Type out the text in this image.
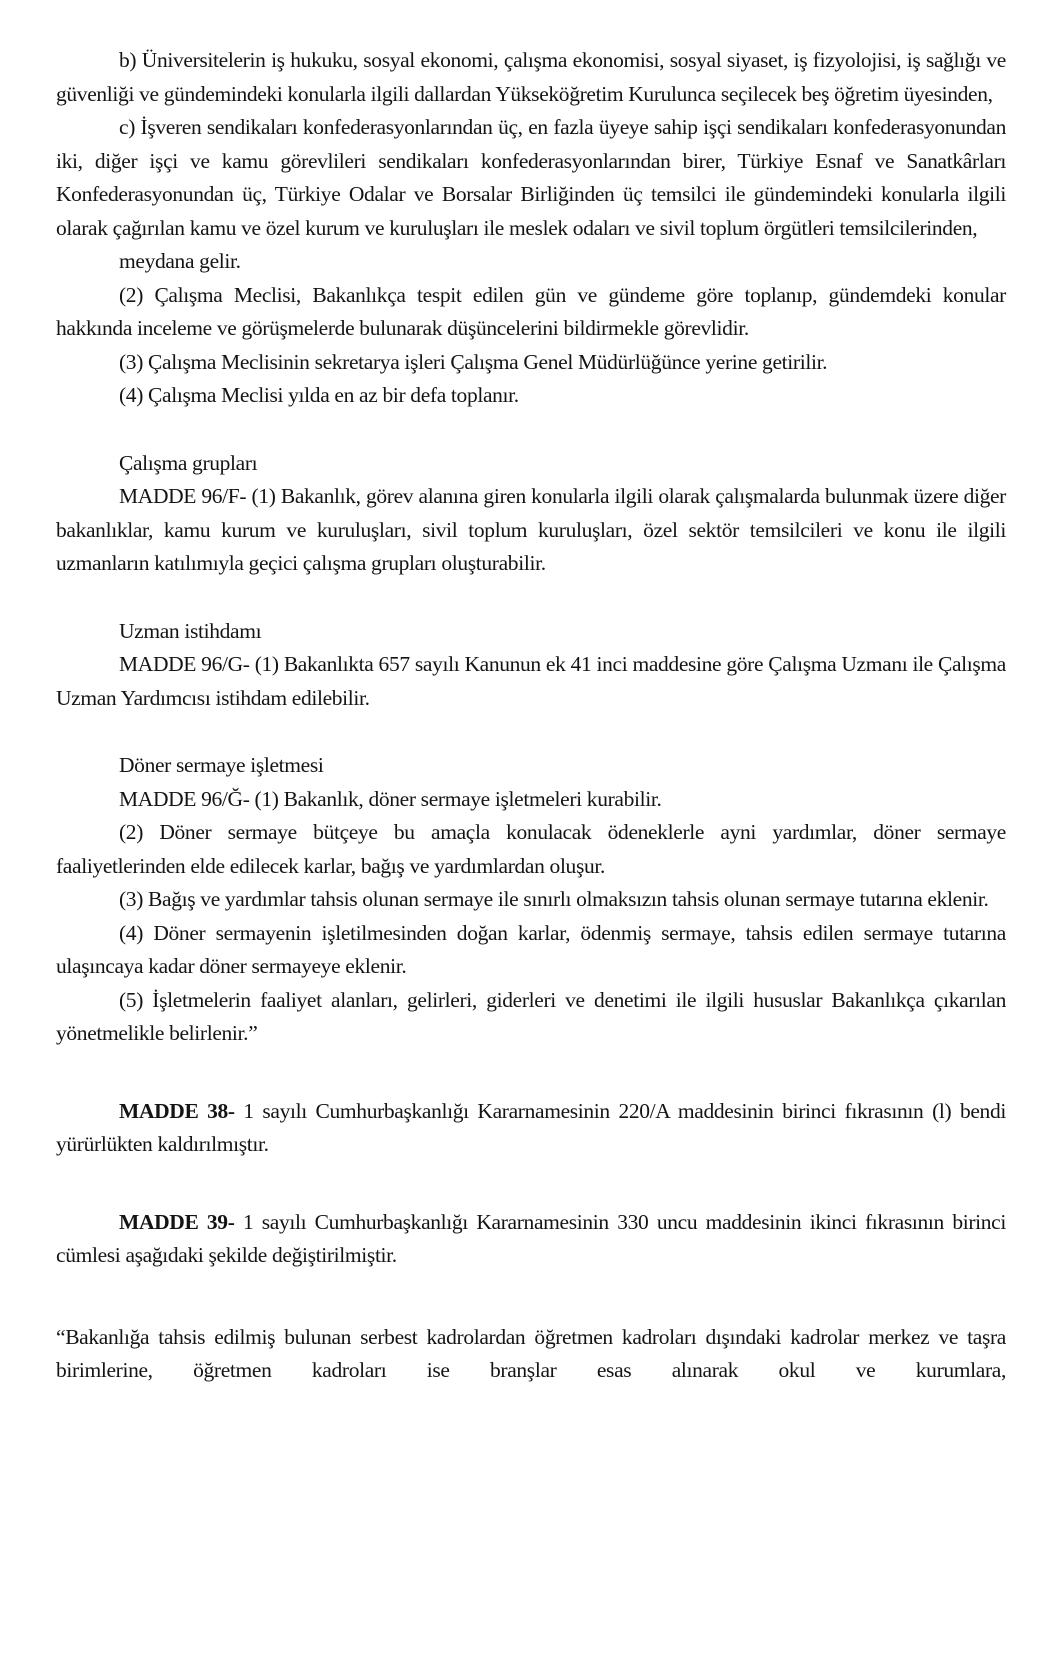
b) Üniversitelerin iş hukuku, sosyal ekonomi, çalışma ekonomisi, sosyal siyaset, iş fizyolojisi, iş sağlığı ve güvenliği ve gündemindeki konularla ilgili dallardan Yükseköğretim Kurulunca seçilecek beş öğretim üyesinden,

c) İşveren sendikaları konfederasyonlarından üç, en fazla üyeye sahip işçi sendikaları konfederasyonundan iki, diğer işçi ve kamu görevlileri sendikaları konfederasyonlarından birer, Türkiye Esnaf ve Sanatkârları Konfederasyonundan üç, Türkiye Odalar ve Borsalar Birliğinden üç temsilci ile gündemindeki konularla ilgili olarak çağırılan kamu ve özel kurum ve kuruluşları ile meslek odaları ve sivil toplum örgütleri temsilcilerinden,

meydana gelir.

(2) Çalışma Meclisi, Bakanlıkça tespit edilen gün ve gündeme göre toplanıp, gündemdeki konular hakkında inceleme ve görüşmelerde bulunarak düşüncelerini bildirmekle görevlidir.

(3) Çalışma Meclisinin sekretarya işleri Çalışma Genel Müdürlüğünce yerine getirilir.

(4) Çalışma Meclisi yılda en az bir defa toplanır.

Çalışma grupları

MADDE 96/F- (1) Bakanlık, görev alanına giren konularla ilgili olarak çalışmalarda bulunmak üzere diğer bakanlıklar, kamu kurum ve kuruluşları, sivil toplum kuruluşları, özel sektör temsilcileri ve konu ile ilgili uzmanların katılımıyla geçici çalışma grupları oluşturabilir.

Uzman istihdamı

MADDE 96/G- (1) Bakanlıkta 657 sayılı Kanunun ek 41 inci maddesine göre Çalışma Uzmanı ile Çalışma Uzman Yardımcısı istihdam edilebilir.

Döner sermaye işletmesi

MADDE 96/Ğ- (1) Bakanlık, döner sermaye işletmeleri kurabilir.

(2) Döner sermaye bütçeye bu amaçla konulacak ödeneklerle ayni yardımlar, döner sermaye faaliyetlerinden elde edilecek karlar, bağış ve yardımlardan oluşur.

(3) Bağış ve yardımlar tahsis olunan sermaye ile sınırlı olmaksızın tahsis olunan sermaye tutarına eklenir.

(4) Döner sermayenin işletilmesinden doğan karlar, ödenmiş sermaye, tahsis edilen sermaye tutarına ulaşıncaya kadar döner sermayeye eklenir.

(5) İşletmelerin faaliyet alanları, gelirleri, giderleri ve denetimi ile ilgili hususlar Bakanlıkça çıkarılan yönetmelikle belirlenir.”

MADDE 38- 1 sayılı Cumhurbaşkanlığı Kararnamesinin 220/A maddesinin birinci fıkrasının (l) bendi yürürlükten kaldırılmıştır.

MADDE 39- 1 sayılı Cumhurbaşkanlığı Kararnamesinin 330 uncu maddesinin ikinci fıkrasının birinci cümlesi aşağıdaki şekilde değiştirilmiştir.

“Bakanlığa tahsis edilmiş bulunan serbest kadrolardan öğretmen kadroları dışındaki kadrolar merkez ve taşra birimlerine, öğretmen kadroları ise branşlar esas alınarak okul ve kurumlara,
